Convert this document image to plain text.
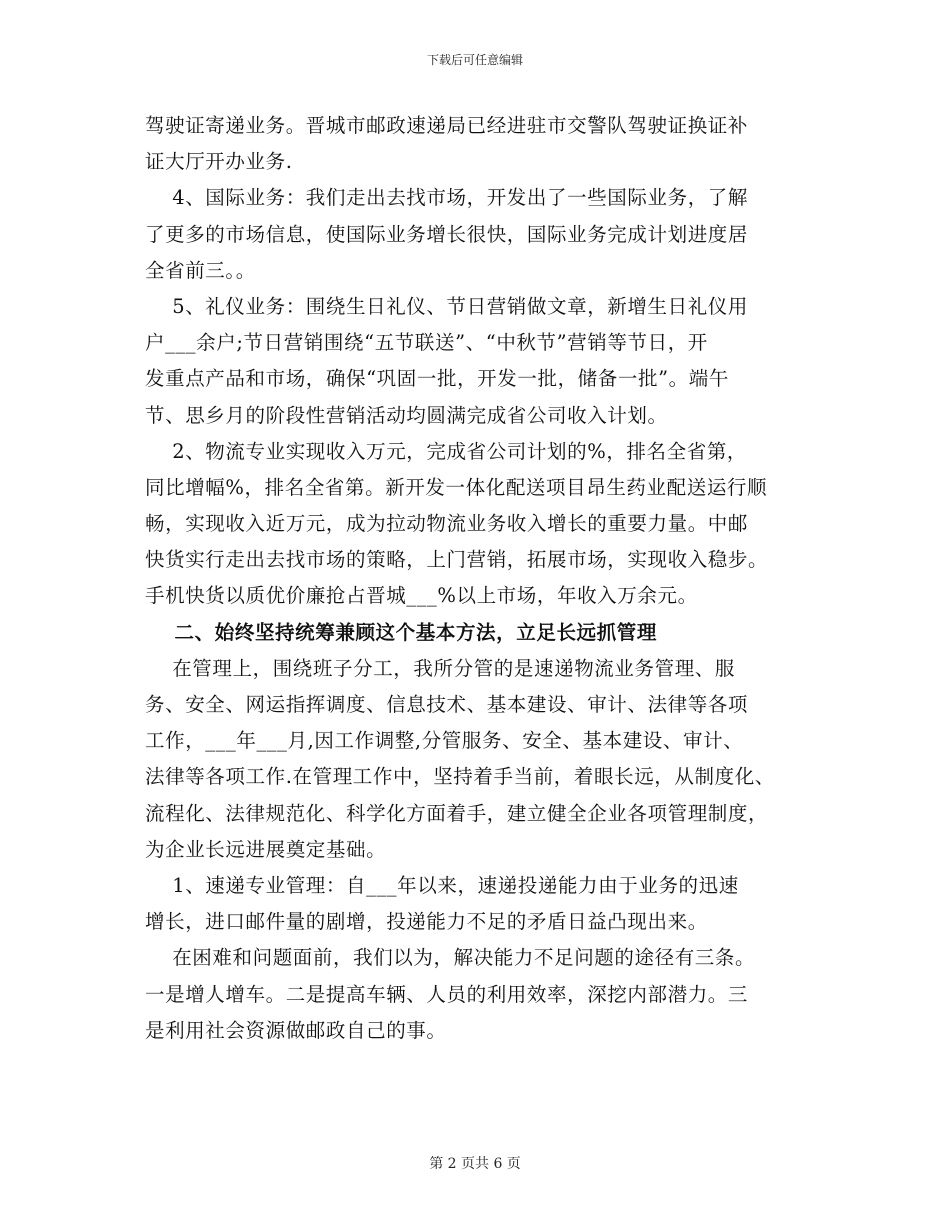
下载后可任意编辑
驾驶证寄递业务。晋城市邮政速递局已经进驻市交警队驾驶证换证补
证大厅开办业务.
4、国际业务：我们走出去找市场，开发出了一些国际业务，了解
了更多的市场信息，使国际业务增长很快，国际业务完成计划进度居
全省前三。。
5、礼仪业务：围绕生日礼仪、节日营销做文章，新增生日礼仪用
户___余户;节日营销围绕“五节联送”、“中秋节”营销等节日，开
发重点产品和市场，确保“巩固一批，开发一批，储备一批”。端午
节、思乡月的阶段性营销活动均圆满完成省公司收入计划。
2、物流专业实现收入万元，完成省公司计划的%，排名全省第，
同比增幅%，排名全省第。新开发一体化配送项目昂生药业配送运行顺
畅，实现收入近万元，成为拉动物流业务收入增长的重要力量。中邮
快货实行走出去找市场的策略，上门营销，拓展市场，实现收入稳步。
手机快货以质优价廉抢占晋城___%以上市场，年收入万余元。
二、始终坚持统筹兼顾这个基本方法，立足长远抓管理
在管理上，围绕班子分工，我所分管的是速递物流业务管理、服
务、安全、网运指挥调度、信息技术、基本建设、审计、法律等各项
工作，___年___月,因工作调整,分管服务、安全、基本建设、审计、
法律等各项工作.在管理工作中，坚持着手当前，着眼长远，从制度化、
流程化、法律规范化、科学化方面着手，建立健全企业各项管理制度，
为企业长远进展奠定基础。
1、速递专业管理：自___年以来，速递投递能力由于业务的迅速
增长，进口邮件量的剧增，投递能力不足的矛盾日益凸现出来。
在困难和问题面前，我们以为，解决能力不足问题的途径有三条。
一是增人增车。二是提高车辆、人员的利用效率，深挖内部潜力。三
是利用社会资源做邮政自己的事。
第 2 页共 6 页
